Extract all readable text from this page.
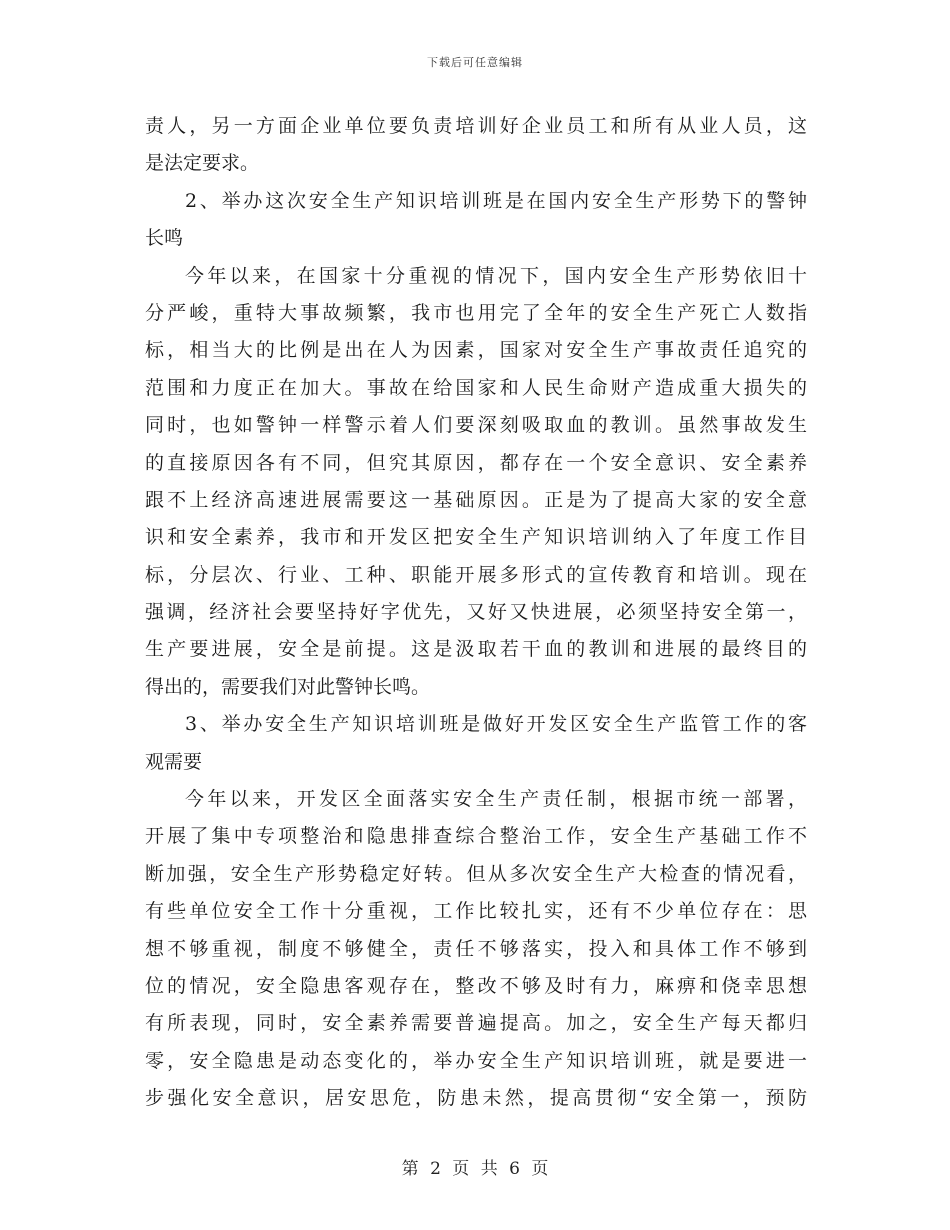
下载后可任意编辑
责人，另一方面企业单位要负责培训好企业员工和所有从业人员，这
是法定要求。
2、举办这次安全生产知识培训班是在国内安全生产形势下的警钟
长鸣
今年以来，在国家十分重视的情况下，国内安全生产形势依旧十
分严峻，重特大事故频繁，我市也用完了全年的安全生产死亡人数指
标，相当大的比例是出在人为因素，国家对安全生产事故责任追究的
范围和力度正在加大。事故在给国家和人民生命财产造成重大损失的
同时，也如警钟一样警示着人们要深刻吸取血的教训。虽然事故发生
的直接原因各有不同，但究其原因，都存在一个安全意识、安全素养
跟不上经济高速进展需要这一基础原因。正是为了提高大家的安全意
识和安全素养，我市和开发区把安全生产知识培训纳入了年度工作目
标，分层次、行业、工种、职能开展多形式的宣传教育和培训。现在
强调，经济社会要坚持好字优先，又好又快进展，必须坚持安全第一，
生产要进展，安全是前提。这是汲取若干血的教训和进展的最终目的
得出的，需要我们对此警钟长鸣。
3、举办安全生产知识培训班是做好开发区安全生产监管工作的客
观需要
今年以来，开发区全面落实安全生产责任制，根据市统一部署，
开展了集中专项整治和隐患排查综合整治工作，安全生产基础工作不
断加强，安全生产形势稳定好转。但从多次安全生产大检查的情况看，
有些单位安全工作十分重视，工作比较扎实，还有不少单位存在：思
想不够重视，制度不够健全，责任不够落实，投入和具体工作不够到
位的情况，安全隐患客观存在，整改不够及时有力，麻痹和侥幸思想
有所表现，同时，安全素养需要普遍提高。加之，安全生产每天都归
零，安全隐患是动态变化的，举办安全生产知识培训班，就是要进一
步强化安全意识，居安思危，防患未然，提高贯彻“安全第一，预防
第 2 页 共 6 页
